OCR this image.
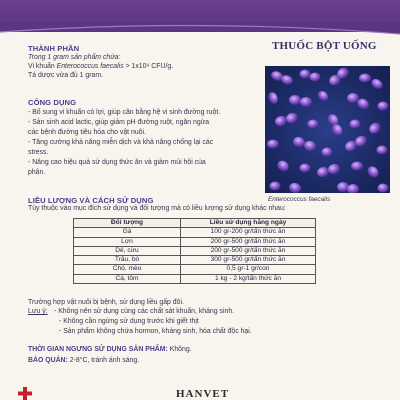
THUỐC BỘT UỐNG
THÀNH PHẦN
Trong 1 gram sản phẩm chứa:
Vi khuẩn Enterococcus faecalis > 1x10⁹ CFU/g.
Tá dược vừa đủ 1 gram.
CÔNG DỤNG
- Bổ sung vi khuẩn có lợi, giúp cân bằng hệ vi sinh đường ruột.
- Sản sinh acid lactic, giúp giảm pH đường ruột, ngăn ngừa
các bệnh đường tiêu hóa cho vật nuôi.
- Tăng cường khả năng miễn dịch và khả năng chống lại các
stress.
- Nâng cao hiệu quả sử dụng thức ăn và giảm mùi hôi của
phân.
Enterococcus faecalis
LIỀU LƯỢNG VÀ CÁCH SỬ DỤNG
Tùy thuộc vào mục đích sử dụng và đối tượng mà có liều lượng sử dụng khác nhau:
Đối tượng	Liều sử dụng hằng ngày
Gà	100 gr-200 gr/tấn thức ăn
Lợn	200 gr-500 gr/tấn thức ăn
Dê, cừu	200 gr-500 gr/tấn thức ăn
Trâu, bò	300 gr-500 gr/tấn thức ăn
Chó, mèo	0,5 gr-1 gr/con
Cá, tôm	1 kg - 2 kg/tấn thức ăn
Trường hợp vật nuôi bị bệnh, sử dụng liều gấp đôi.
Lưu ý: - Không nên sử dụng cùng các chất sát khuẩn, kháng sinh.
- Không cần ngừng sử dụng trước khi giết thịt
- Sản phẩm không chứa hormon, kháng sinh, hóa chất độc hại.
THỜI GIAN NGƯNG SỬ DỤNG SẢN PHẨM: Không.
BẢO QUẢN: 2-8°C, tránh ánh sáng.
HANVET
